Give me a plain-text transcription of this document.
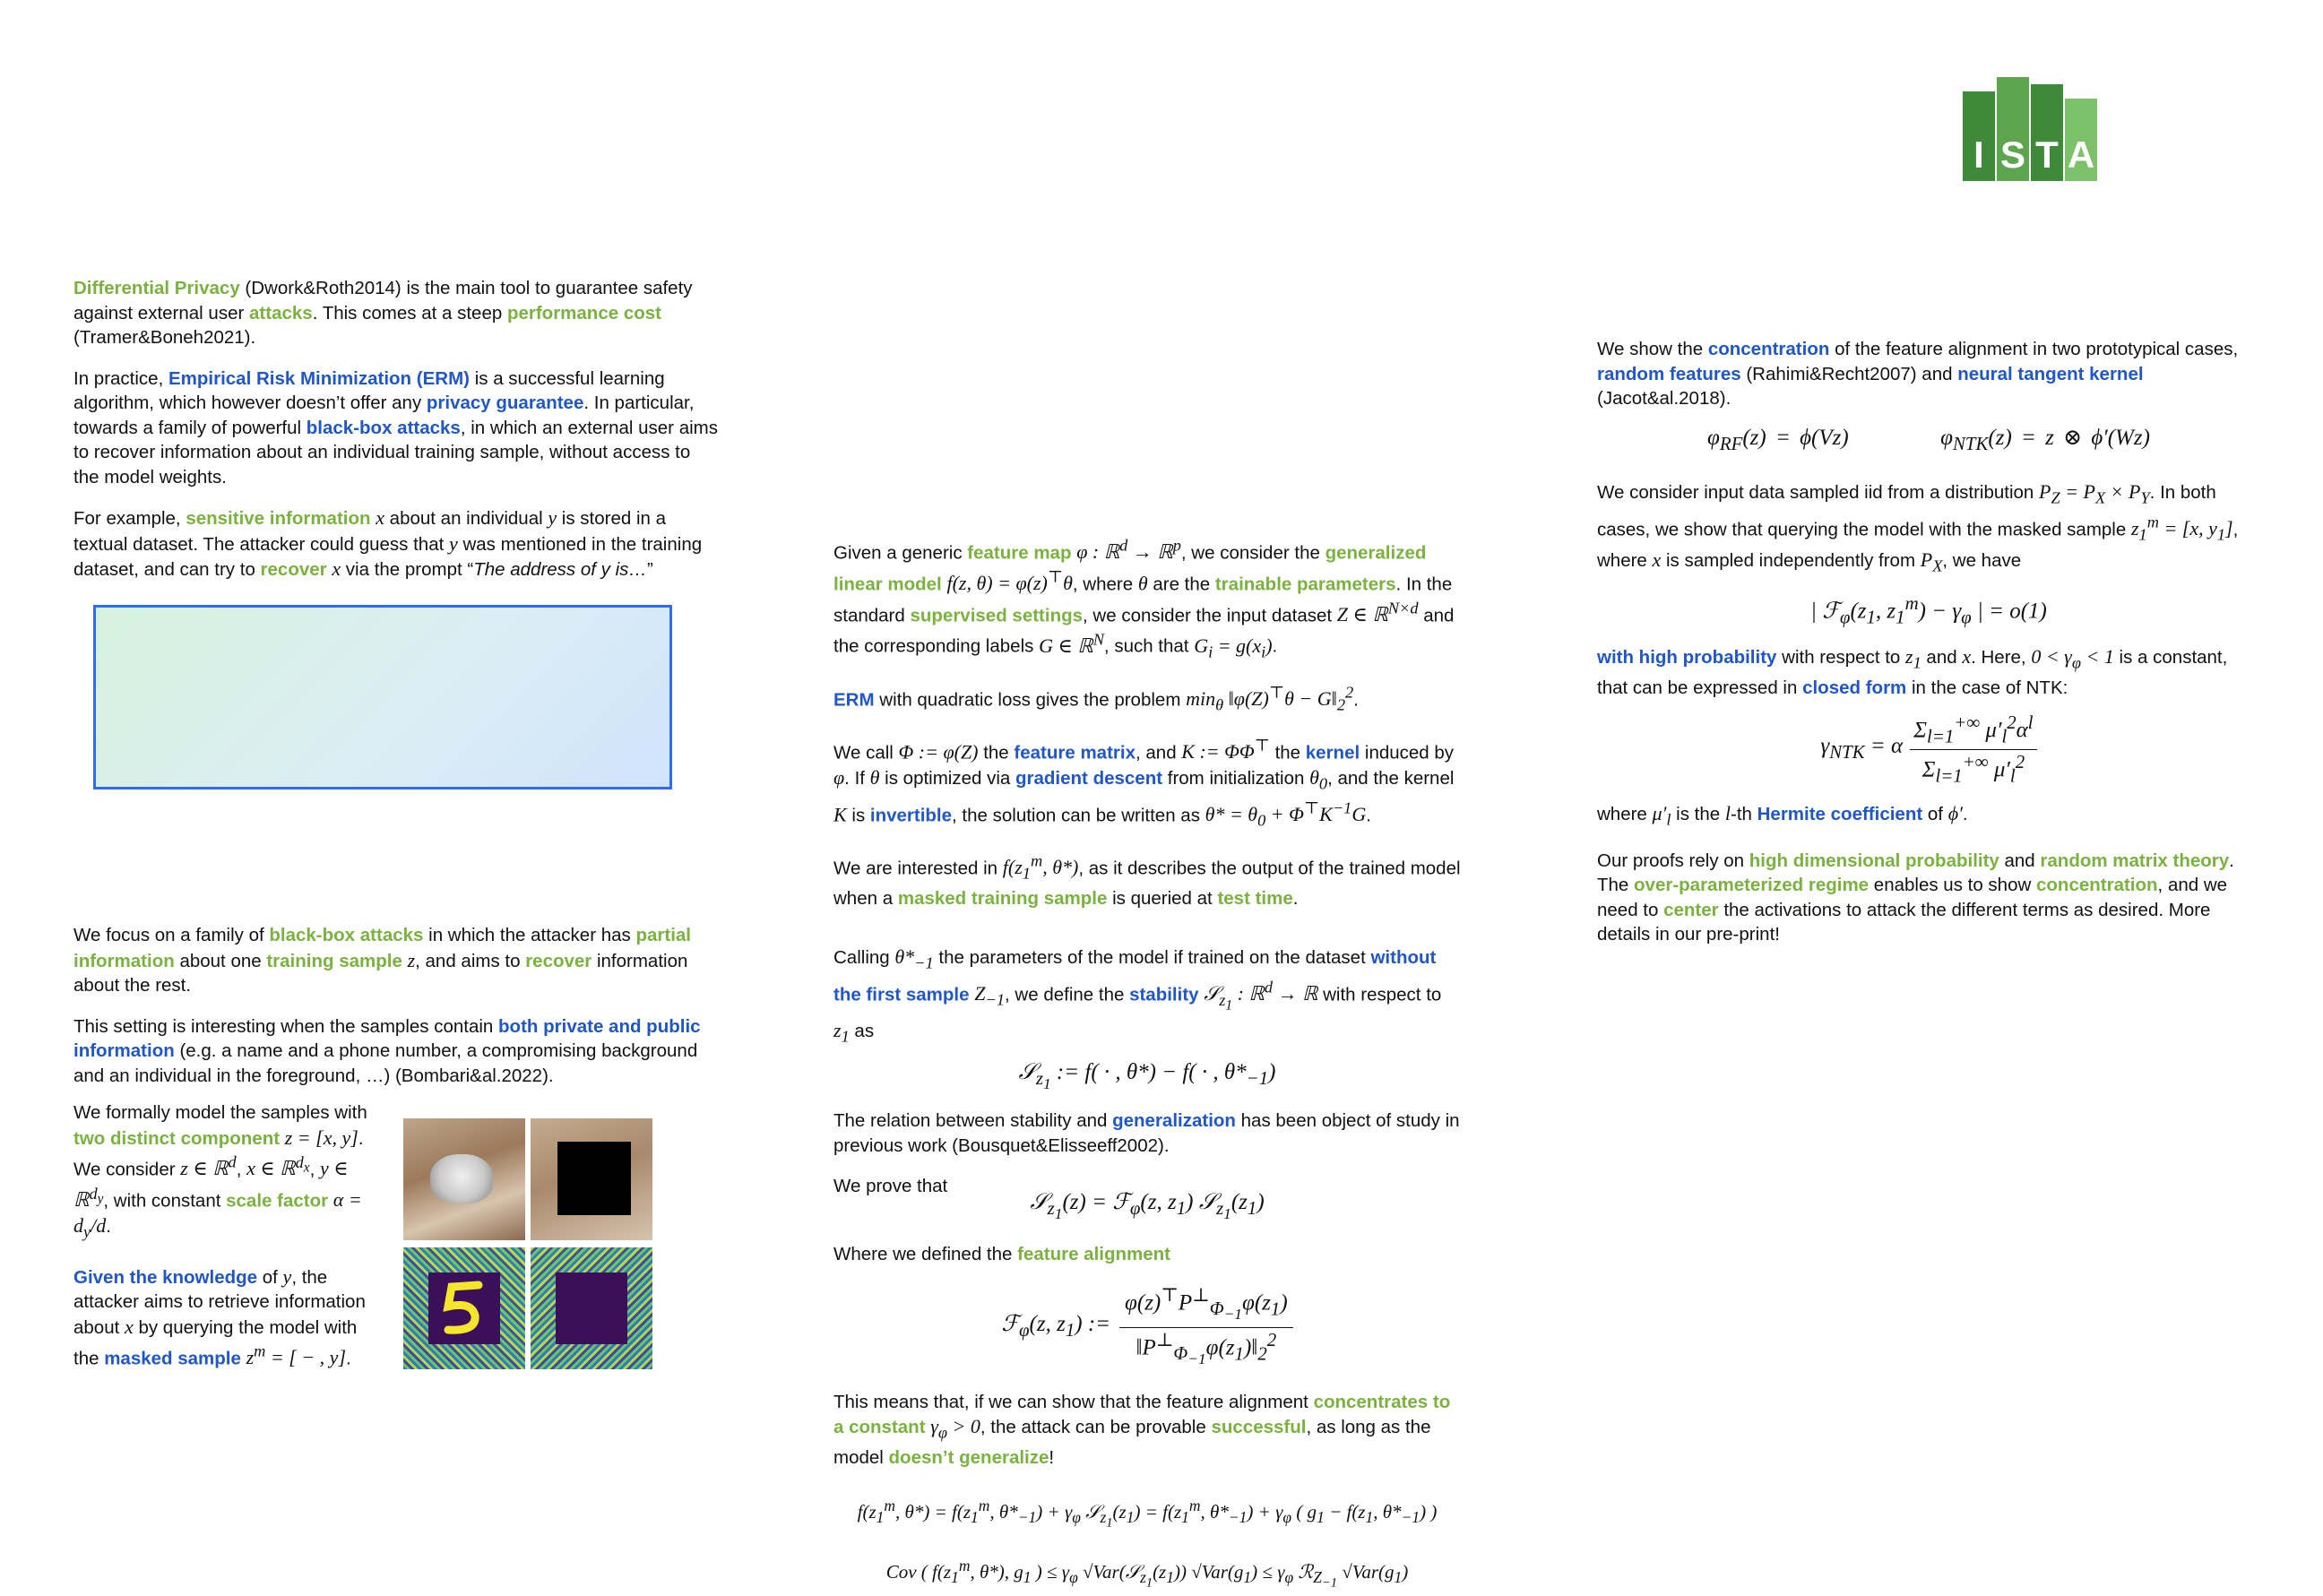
I S T A

Differential Privacy (Dwork&Roth2014) is the main tool to guarantee safety against external user attacks. This comes at a steep performance cost (Tramer&Boneh2021).

In practice, Empirical Risk Minimization (ERM) is a successful learning algorithm, which however doesn’t offer any privacy guarantee. In particular, towards a family of powerful black-box attacks, in which an external user aims to recover information about an individual training sample, without access to the model weights.

For example, sensitive information x about an individual y is stored in a textual dataset. The attacker could guess that y was mentioned in the training dataset, and can try to recover x via the prompt “The address of y is…”

We focus on a family of black-box attacks in which the attacker has partial information about one training sample z, and aims to recover information about the rest.

This setting is interesting when the samples contain both private and public information (e.g. a name and a phone number, a compromising background and an individual in the foreground, …) (Bombari&al.2022).

We formally model the samples with two distinct component z = [x, y]. We consider z ∈ ℝ$^d$, x ∈ ℝ$^{d_x}$, y ∈ ℝ$^{d_y}$, with constant scale factor $\alpha = d_y/d$.

Given the knowledge of y, the attacker aims to retrieve information about x by querying the model with the masked sample $z^m$ = [ − , y].

Given a generic feature map φ : ℝ$^d$ → ℝ$^p$, we consider the generalized linear model f(z, θ) = φ(z)⊤θ, where θ are the trainable parameters. In the standard supervised settings, we consider the input dataset Z ∈ ℝ$^{N\times d}$ and the corresponding labels G ∈ ℝ$^N$, such that $G_i = g(x_i)$.

ERM with quadratic loss gives the problem $\min_\theta$ ‖φ(Z)⊤θ − $G‖_2^2$.

We call Φ := φ(Z) the feature matrix, and K := ΦΦ⊤ the kernel induced by φ. If θ is optimized via gradient descent from initialization $\theta_0$, and the kernel K is invertible, the solution can be written as $\theta* = \theta_0 + \Phi^⊤K^{-1}G$.

We are interested in $f(z_1^m$, θ*), as it describes the output of the trained model when a masked training sample is queried at test time.

Calling $\theta*_{-1}$ the parameters of the model if trained on the dataset without the first sample $Z_{-1}$, we define the stability 𝒮$_{z_1}$ : ℝ$^d$ → ℝ with respect to $z_1$ as

𝒮$_{z_1}$ := f( · , θ*) − f( · , $\theta*_{-1}$)

The relation between stability and generalization has been object of study in previous work (Bousquet&Elisseeff2002).

We prove that

𝒮$_{z_1}$(z) = ℱ$_\varphi$(z, $z_1$) $𝒮_{z_1}(z_1)$

Where we defined the feature alignment

ℱ$_\varphi$(z, $z_1$) := $\frac{\varphi(z)^⊤P^\perp_{\Phi_{-1}}\varphi(z_1)}{‖P^\perp_{\Phi_{-1}}\varphi(z_1)‖_2^2}$

This means that, if we can show that the feature alignment concentrates to a constant $\gamma_\varphi > 0$, the attack can be provable successful, as long as the model doesn’t generalize!

$f(z_1^m$, $\theta*) = f(z_1^m$, $\theta*_{-1}) + \gamma_\varphi$ $𝒮_{z_1}(z_1) = f(z_1^m$, $\theta*_{-1}) + \gamma_\varphi$ ( $g_1 - f(z_1$, $\theta*_{-1}$) )
Cov ( $f(z_1^m$, θ*), $g_1$ ) ≤ $\gamma_\varphi$ $√Var(𝒮_{z_1}(z_1)) √Var(g_1) \le \gamma_\varphi$ ℛ$_{Z_{-1}}$ $√Var(g_1)$

We show the concentration of the feature alignment in two prototypical cases, random features (Rahimi&Recht2007) and neural tangent kernel (Jacot&al.2018).

$\varphi_{RF}(z) = \phi(Vz)$          $\varphi_{NTK}(z) = z$ ⊗ ϕ′(Wz)

We consider input data sampled iid from a distribution $P_Z = P_X \times P_Y$. In both cases, we show that querying the model with the masked sample $z_1^m = [x$, $y_1$], where x is sampled independently from $P_X$, we have

| $ℱ_\varphi(z_1$, $z_1^m) - \gamma_\varphi$ | = o(1)

with high probability with respect to $z_1$ and x. Here, $0 < \gamma_\varphi < 1$ is a constant, that can be expressed in closed form in the case of NTK:

$\gamma_{NTK} = \alpha$
$\Sigma_{l=1}^{+\infty}$ $\mu'_l^2\alpha^l$
$\Sigma_{l=1}^{+\infty}$ $\mu'_l^2$

where $\mu'_l$ is the l-th Hermite coefficient of ϕ′.

Our proofs rely on high dimensional probability and random matrix theory. The over-parameterized regime enables us to show concentration, and we need to center the activations to attack the different terms as desired. More details in our pre-print!
